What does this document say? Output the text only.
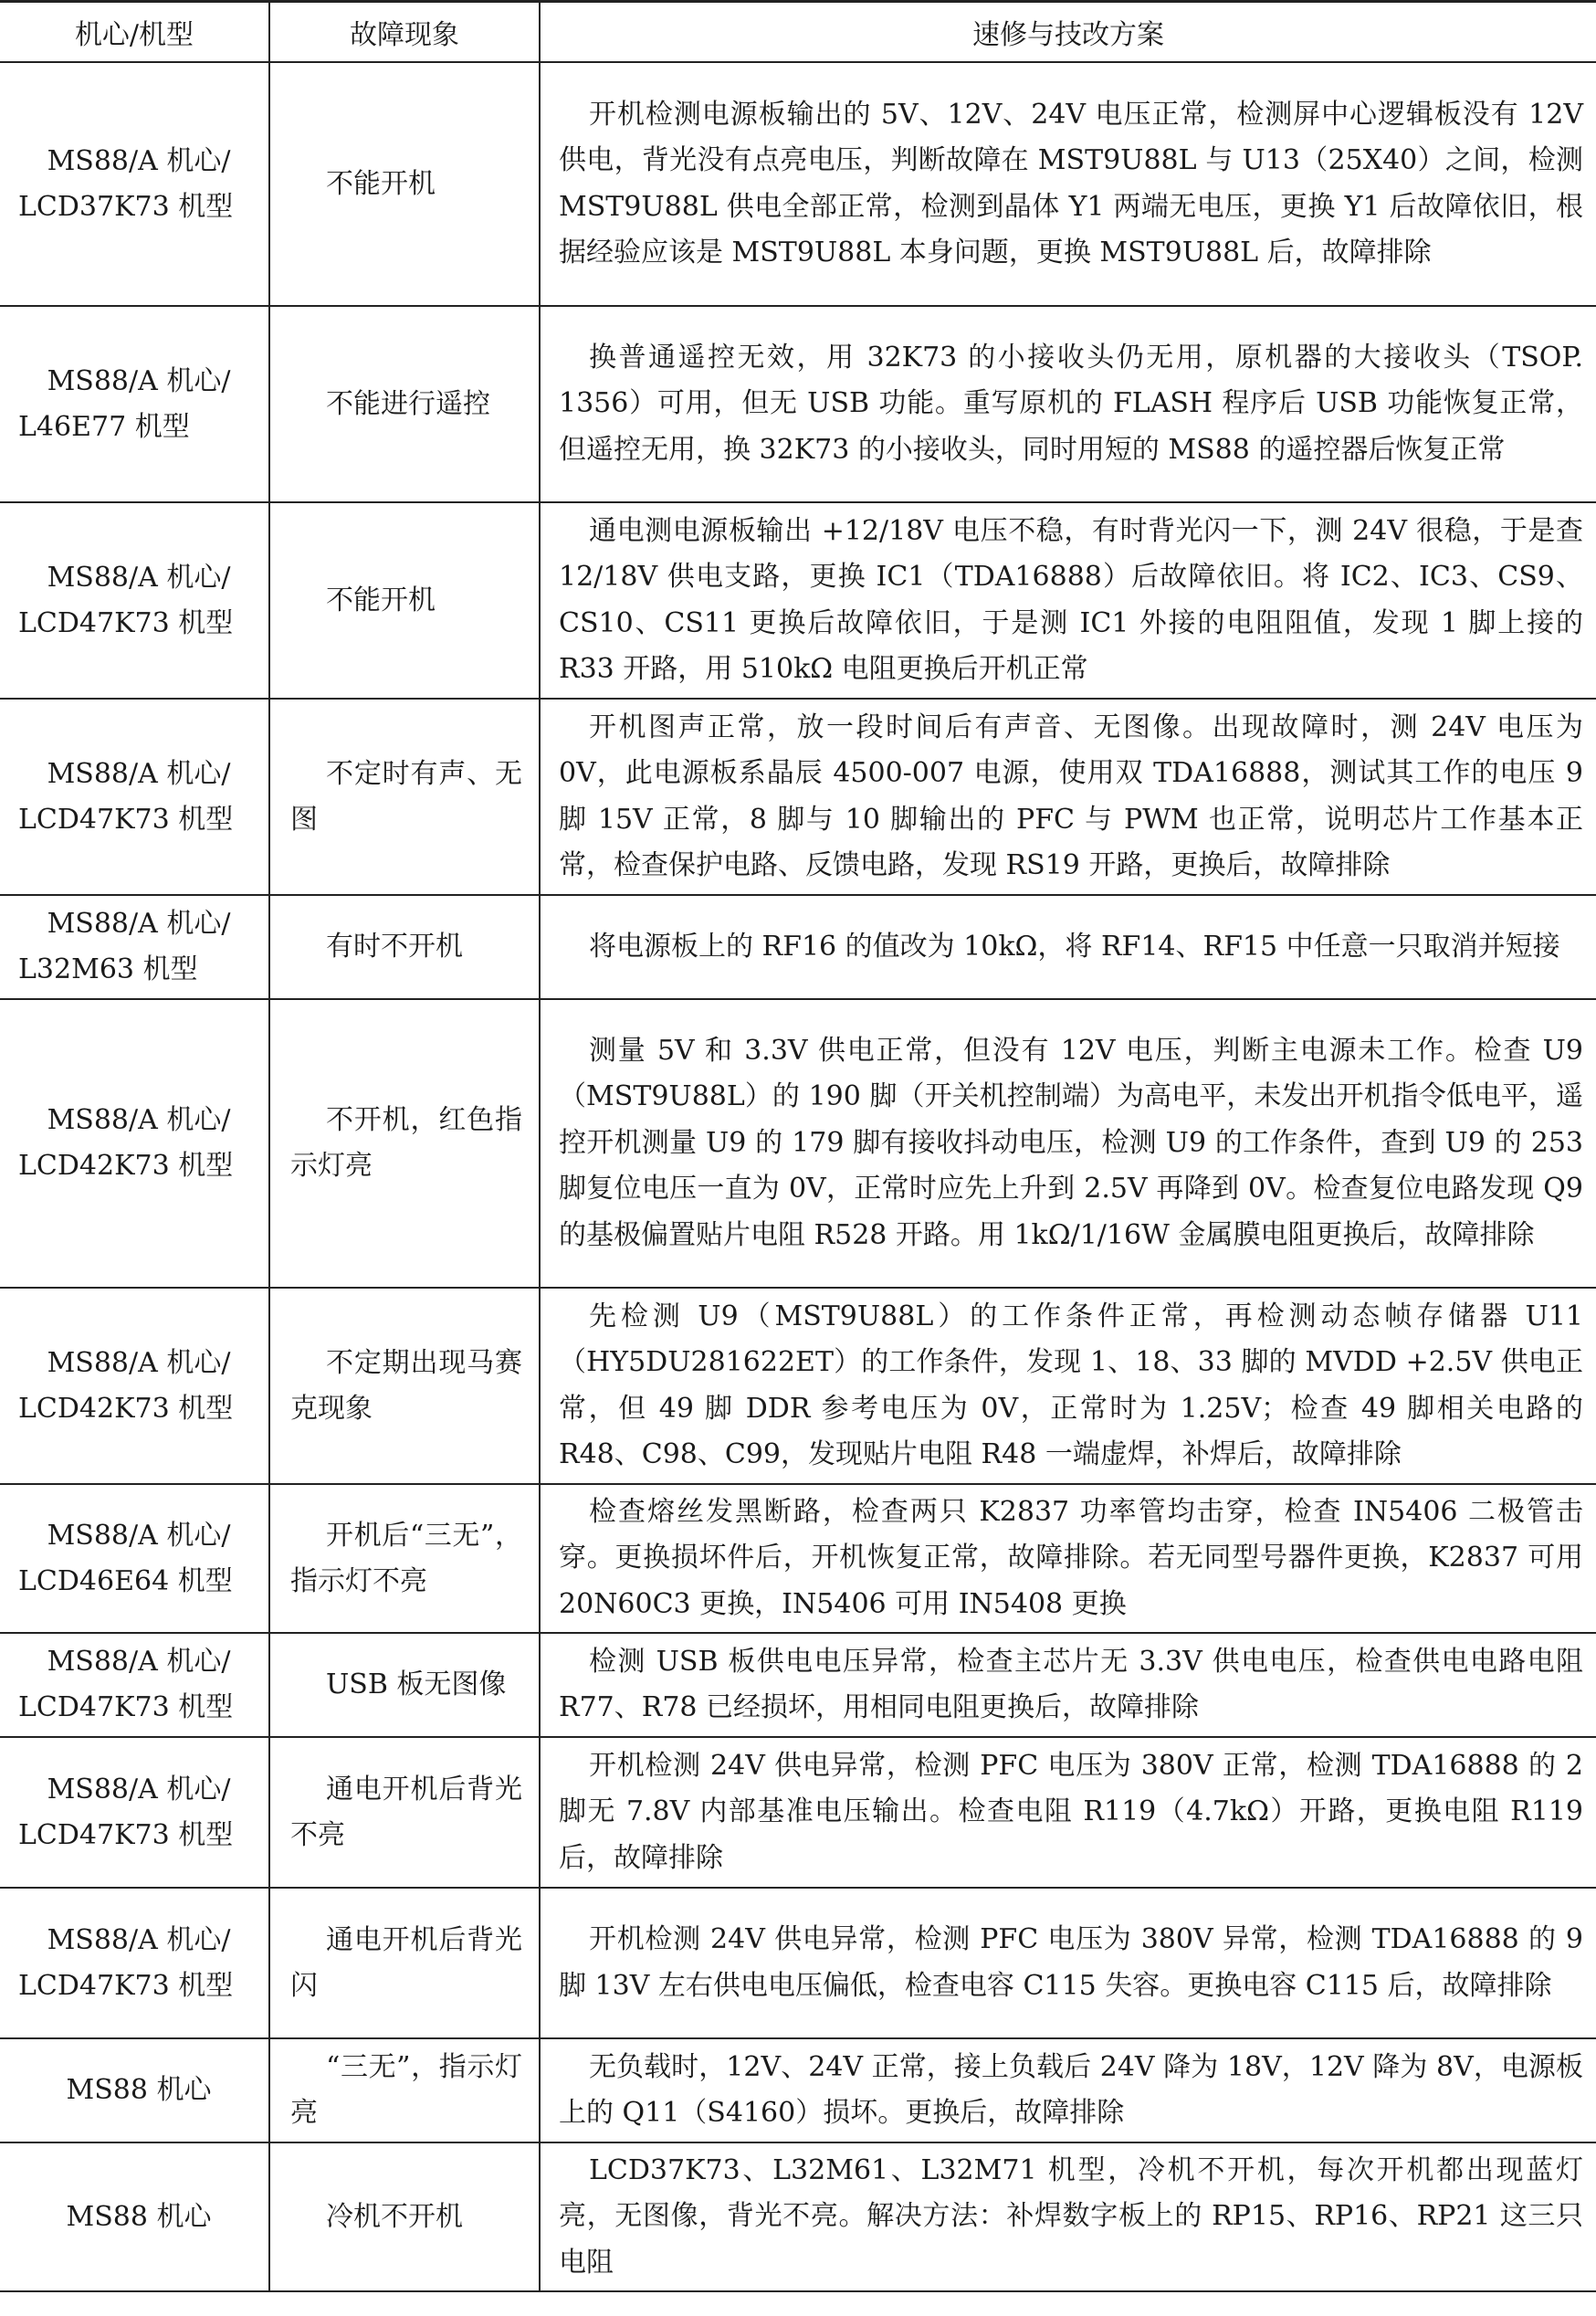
机心/机型	故障现象	速修与技改方案

MS88/A 机心/
LCD37K73 机型	不能开机	开机检测电源板输出的 5V、12V、24V 电压正常，检测屏中心逻辑板没有 12V 供电，背光没有点亮电压，判断故障在 MST9U88L 与 U13（25X40）之间，检测 MST9U88L 供电全部正常，检测到晶体 Y1 两端无电压，更换 Y1 后故障依旧，根据经验应该是 MST9U88L 本身问题，更换 MST9U88L 后，故障排除

MS88/A 机心/
L46E77 机型	不能进行遥控	换普通遥控无效，用 32K73 的小接收头仍无用，原机器的大接收头（TSOP. 1356）可用，但无 USB 功能。重写原机的 FLASH 程序后 USB 功能恢复正常，但遥控无用，换 32K73 的小接收头，同时用短的 MS88 的遥控器后恢复正常

MS88/A 机心/
LCD47K73 机型	不能开机	通电测电源板输出 +12/18V 电压不稳，有时背光闪一下，测 24V 很稳，于是查 12/18V 供电支路，更换 IC1（TDA16888）后故障依旧。将 IC2、IC3、CS9、CS10、CS11 更换后故障依旧，于是测 IC1 外接的电阻阻值，发现 1 脚上接的 R33 开路，用 510kΩ 电阻更换后开机正常

MS88/A 机心/
LCD47K73 机型	不定时有声、无图	开机图声正常，放一段时间后有声音、无图像。出现故障时，测 24V 电压为 0V，此电源板系晶辰 4500-007 电源，使用双 TDA16888，测试其工作的电压 9 脚 15V 正常，8 脚与 10 脚输出的 PFC 与 PWM 也正常，说明芯片工作基本正常，检查保护电路、反馈电路，发现 RS19 开路，更换后，故障排除

MS88/A 机心/
L32M63 机型	有时不开机	将电源板上的 RF16 的值改为 10kΩ，将 RF14、RF15 中任意一只取消并短接

MS88/A 机心/
LCD42K73 机型	不开机，红色指示灯亮	测量 5V 和 3.3V 供电正常，但没有 12V 电压，判断主电源未工作。检查 U9（MST9U88L）的 190 脚（开关机控制端）为高电平，未发出开机指令低电平，遥控开机测量 U9 的 179 脚有接收抖动电压，检测 U9 的工作条件，查到 U9 的 253 脚复位电压一直为 0V，正常时应先上升到 2.5V 再降到 0V。检查复位电路发现 Q9 的基极偏置贴片电阻 R528 开路。用 1kΩ/1/16W 金属膜电阻更换后，故障排除

MS88/A 机心/
LCD42K73 机型	不定期出现马赛克现象	先检测 U9（MST9U88L）的工作条件正常，再检测动态帧存储器 U11（HY5DU281622ET）的工作条件，发现 1、18、33 脚的 MVDD +2.5V 供电正常，但 49 脚 DDR 参考电压为 0V，正常时为 1.25V；检查 49 脚相关电路的 R48、C98、C99，发现贴片电阻 R48 一端虚焊，补焊后，故障排除

MS88/A 机心/
LCD46E64 机型	开机后“三无”，指示灯不亮	检查熔丝发黑断路，检查两只 K2837 功率管均击穿，检查 IN5406 二极管击穿。更换损坏件后，开机恢复正常，故障排除。若无同型号器件更换，K2837 可用 20N60C3 更换，IN5406 可用 IN5408 更换

MS88/A 机心/
LCD47K73 机型	USB 板无图像	检测 USB 板供电电压异常，检查主芯片无 3.3V 供电电压，检查供电电路电阻 R77、R78 已经损坏，用相同电阻更换后，故障排除

MS88/A 机心/
LCD47K73 机型	通电开机后背光不亮	开机检测 24V 供电异常，检测 PFC 电压为 380V 正常，检测 TDA16888 的 2 脚无 7.8V 内部基准电压输出。检查电阻 R119（4.7kΩ）开路，更换电阻 R119 后，故障排除

MS88/A 机心/
LCD47K73 机型	通电开机后背光闪	开机检测 24V 供电异常，检测 PFC 电压为 380V 异常，检测 TDA16888 的 9 脚 13V 左右供电电压偏低，检查电容 C115 失容。更换电容 C115 后，故障排除

MS88 机心	“三无”，指示灯亮	无负载时，12V、24V 正常，接上负载后 24V 降为 18V，12V 降为 8V，电源板上的 Q11（S4160）损坏。更换后，故障排除

MS88 机心	冷机不开机	LCD37K73、L32M61、L32M71 机型，冷机不开机，每次开机都出现蓝灯亮，无图像，背光不亮。解决方法：补焊数字板上的 RP15、RP16、RP21 这三只电阻
